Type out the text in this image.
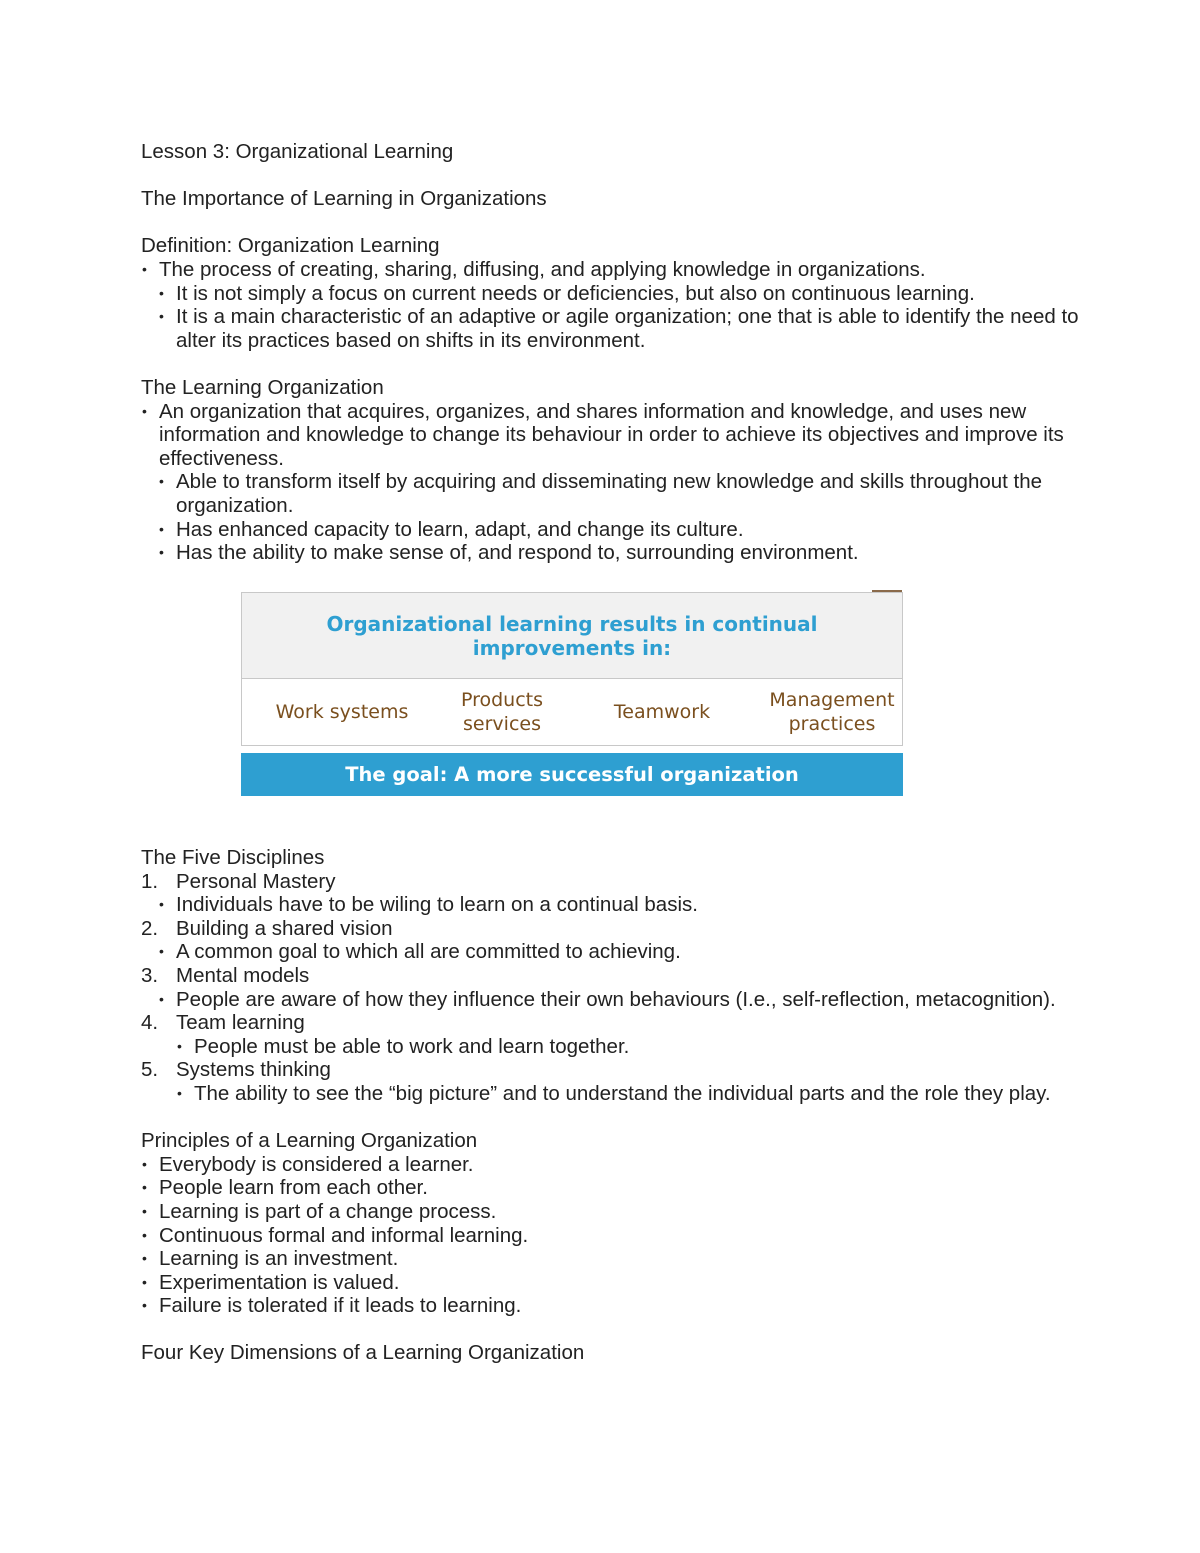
Lesson 3: Organizational Learning

The Importance of Learning in Organizations

Definition: Organization Learning

• The process of creating, sharing, diffusing, and applying knowledge in organizations.
• It is not simply a focus on current needs or deficiencies, but also on continuous learning.
• It is a main characteristic of an adaptive or agile organization; one that is able to identify the need to alter its practices based on shifts in its environment.

The Learning Organization

• An organization that acquires, organizes, and shares information and knowledge, and uses new information and knowledge to change its behaviour in order to achieve its objectives and improve its effectiveness.
• Able to transform itself by acquiring and disseminating new knowledge and skills throughout the organization.
• Has enhanced capacity to learn, adapt, and change its culture.
• Has the ability to make sense of, and respond to, surrounding environment.
Organizational learning results in continual improvements in:
Work systems
Products services
Teamwork
Management practices
The goal: A more successful organization

The Five Disciplines

1. Personal Mastery
• Individuals have to be wiling to learn on a continual basis.
2. Building a shared vision
• A common goal to which all are committed to achieving.
3. Mental models
• People are aware of how they influence their own behaviours (I.e., self-reflection, metacognition).
4. Team learning
• People must be able to work and learn together.
5. Systems thinking
• The ability to see the “big picture” and to understand the individual parts and the role they play.

Principles of a Learning Organization

• Everybody is considered a learner.
• People learn from each other.
• Learning is part of a change process.
• Continuous formal and informal learning.
• Learning is an investment.
• Experimentation is valued.
• Failure is tolerated if it leads to learning.

Four Key Dimensions of a Learning Organization
